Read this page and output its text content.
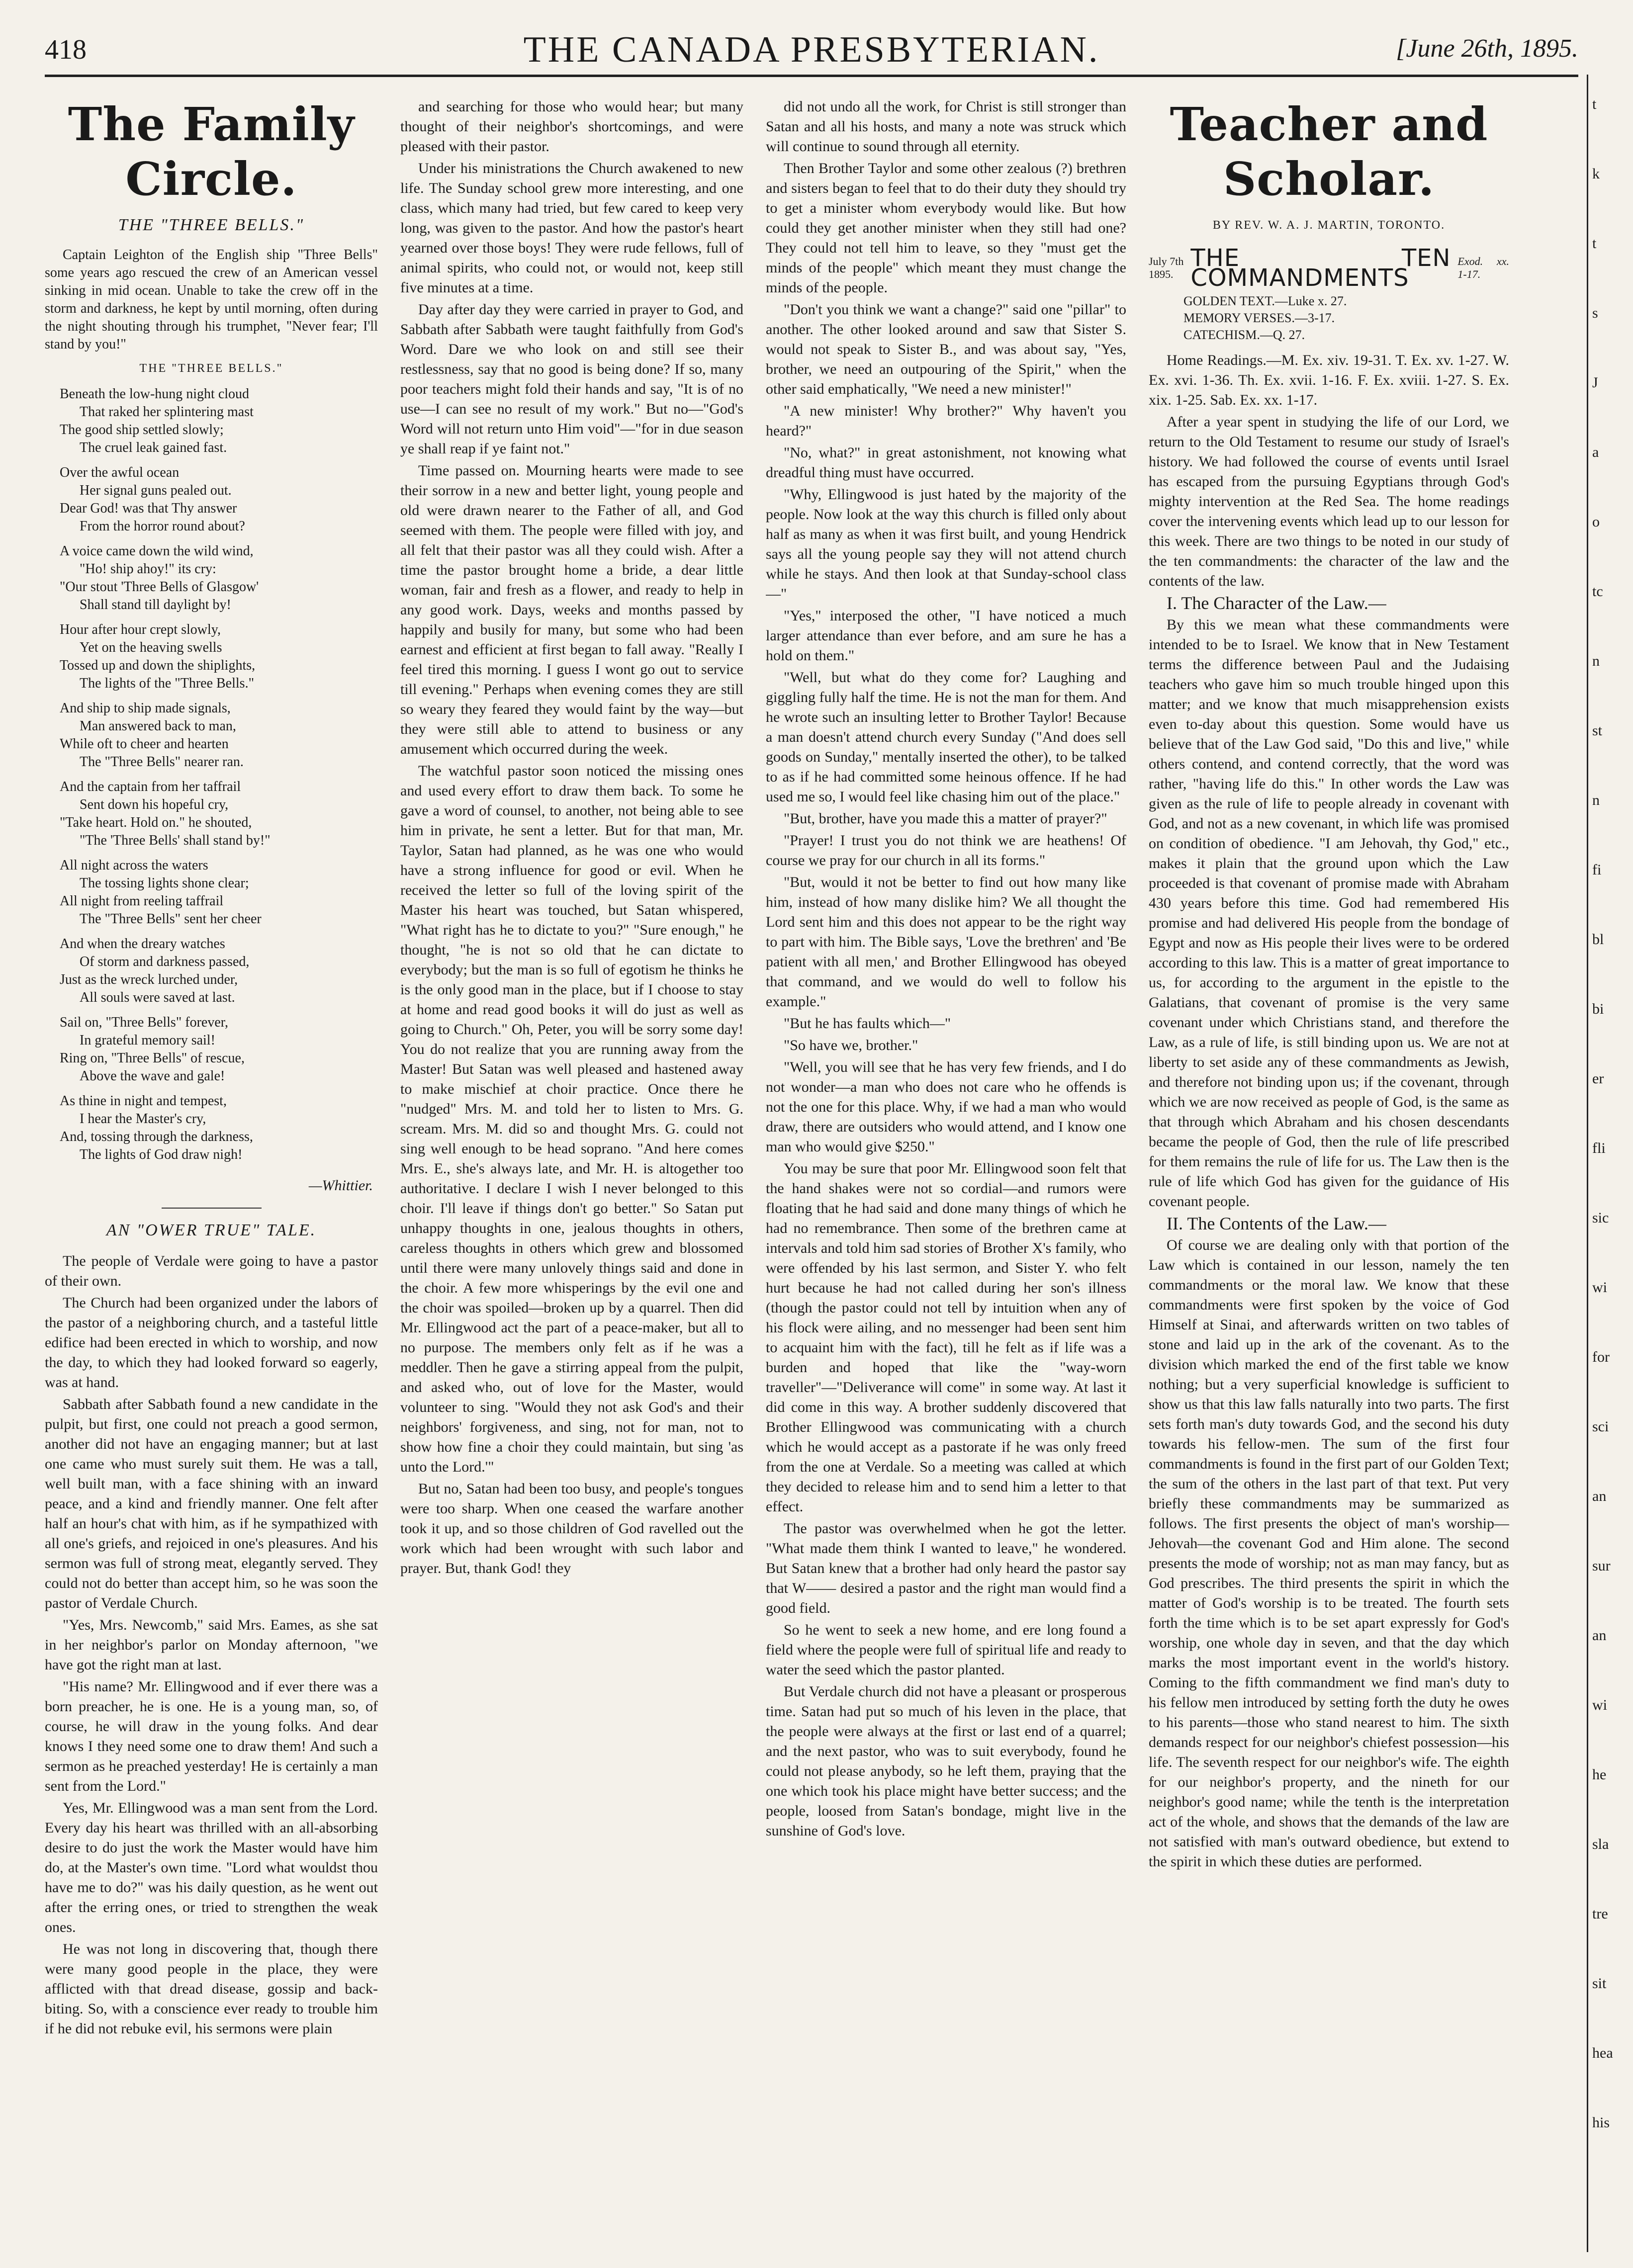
418	THE CANADA PRESBYTERIAN.	[June 26th, 1895.
The Family Circle.
THE "THREE BELLS."

Captain Leighton of the English ship "Three Bells" some years ago rescued the crew of an American vessel sinking in mid ocean. Unable to take the crew off in the storm and darkness, he kept by until morning, often during the night shouting through his trumphet, "Never fear; I'll stand by you!"

THE "THREE BELLS."
Beneath the low-hung night cloud
That raked her splintering mast
The good ship settled slowly;
The cruel leak gained fast.
Over the awful ocean
Her signal guns pealed out.
Dear God! was that Thy answer
From the horror round about?
A voice came down the wild wind,
"Ho! ship ahoy!" its cry:
"Our stout 'Three Bells of Glasgow'
Shall stand till daylight by!
Hour after hour crept slowly,
Yet on the heaving swells
Tossed up and down the shiplights,
The lights of the "Three Bells."
And ship to ship made signals,
Man answered back to man,
While oft to cheer and hearten
The "Three Bells" nearer ran.
And the captain from her taffrail
Sent down his hopeful cry,
"Take heart. Hold on." he shouted,
"The 'Three Bells' shall stand by!"
All night across the waters
The tossing lights shone clear;
All night from reeling taffrail
The "Three Bells" sent her cheer
And when the dreary watches
Of storm and darkness passed,
Just as the wreck lurched under,
All souls were saved at last.
Sail on, "Three Bells" forever,
In grateful memory sail!
Ring on, "Three Bells" of rescue,
Above the wave and gale!
As thine in night and tempest,
I hear the Master's cry,
And, tossing through the darkness,
The lights of God draw nigh!
—Whittier.
AN "OWER TRUE" TALE.

The people of Verdale were going to have a pastor of their own.

The Church had been organized under the labors of the pastor of a neighboring church, and a tasteful little edifice had been erected in which to worship, and now the day, to which they had looked forward so eagerly, was at hand.

Sabbath after Sabbath found a new candidate in the pulpit, but first, one could not preach a good sermon, another did not have an engaging manner; but at last one came who must surely suit them. He was a tall, well built man, with a face shining with an inward peace, and a kind and friendly manner. One felt after half an hour's chat with him, as if he sympathized with all one's griefs, and rejoiced in one's pleasures. And his sermon was full of strong meat, elegantly served. They could not do better than accept him, so he was soon the pastor of Verdale Church.

"Yes, Mrs. Newcomb," said Mrs. Eames, as she sat in her neighbor's parlor on Monday afternoon, "we have got the right man at last.

"His name? Mr. Ellingwood and if ever there was a born preacher, he is one. He is a young man, so, of course, he will draw in the young folks. And dear knows I they need some one to draw them! And such a sermon as he preached yesterday! He is certainly a man sent from the Lord."

Yes, Mr. Ellingwood was a man sent from the Lord. Every day his heart was thrilled with an all-absorbing desire to do just the work the Master would have him do, at the Master's own time. "Lord what wouldst thou have me to do?" was his daily question, as he went out after the erring ones, or tried to strengthen the weak ones.

He was not long in discovering that, though there were many good people in the place, they were afflicted with that dread disease, gossip and back-biting. So, with a conscience ever ready to trouble him if he did not rebuke evil, his sermons were plain

and searching for those who would hear; but many thought of their neighbor's shortcomings, and were pleased with their pastor.

Under his ministrations the Church awakened to new life. The Sunday school grew more interesting, and one class, which many had tried, but few cared to keep very long, was given to the pastor. And how the pastor's heart yearned over those boys! They were rude fellows, full of animal spirits, who could not, or would not, keep still five minutes at a time.

Day after day they were carried in prayer to God, and Sabbath after Sabbath were taught faithfully from God's Word. Dare we who look on and still see their restlessness, say that no good is being done? If so, many poor teachers might fold their hands and say, "It is of no use—I can see no result of my work." But no—"God's Word will not return unto Him void"—"for in due season ye shall reap if ye faint not."

Time passed on. Mourning hearts were made to see their sorrow in a new and better light, young people and old were drawn nearer to the Father of all, and God seemed with them. The people were filled with joy, and all felt that their pastor was all they could wish. After a time the pastor brought home a bride, a dear little woman, fair and fresh as a flower, and ready to help in any good work. Days, weeks and months passed by happily and busily for many, but some who had been earnest and efficient at first began to fall away. "Really I feel tired this morning. I guess I wont go out to service till evening." Perhaps when evening comes they are still so weary they feared they would faint by the way—but they were still able to attend to business or any amusement which occurred during the week.

The watchful pastor soon noticed the missing ones and used every effort to draw them back. To some he gave a word of counsel, to another, not being able to see him in private, he sent a letter. But for that man, Mr. Taylor, Satan had planned, as he was one who would have a strong influence for good or evil. When he received the letter so full of the loving spirit of the Master his heart was touched, but Satan whispered, "What right has he to dictate to you?" "Sure enough," he thought, "he is not so old that he can dictate to everybody; but the man is so full of egotism he thinks he is the only good man in the place, but if I choose to stay at home and read good books it will do just as well as going to Church." Oh, Peter, you will be sorry some day! You do not realize that you are running away from the Master! But Satan was well pleased and hastened away to make mischief at choir practice. Once there he "nudged" Mrs. M. and told her to listen to Mrs. G. scream. Mrs. M. did so and thought Mrs. G. could not sing well enough to be head soprano. "And here comes Mrs. E., she's always late, and Mr. H. is altogether too authoritative. I declare I wish I never belonged to this choir. I'll leave if things don't go better." So Satan put unhappy thoughts in one, jealous thoughts in others, careless thoughts in others which grew and blossomed until there were many unlovely things said and done in the choir. A few more whisperings by the evil one and the choir was spoiled—broken up by a quarrel. Then did Mr. Ellingwood act the part of a peace-maker, but all to no purpose. The members only felt as if he was a meddler. Then he gave a stirring appeal from the pulpit, and asked who, out of love for the Master, would volunteer to sing. "Would they not ask God's and their neighbors' forgiveness, and sing, not for man, not to show how fine a choir they could maintain, but sing 'as unto the Lord.'"

But no, Satan had been too busy, and people's tongues were too sharp. When one ceased the warfare another took it up, and so those children of God ravelled out the work which had been wrought with such labor and prayer. But, thank God! they

did not undo all the work, for Christ is still stronger than Satan and all his hosts, and many a note was struck which will continue to sound through all eternity.

Then Brother Taylor and some other zealous (?) brethren and sisters began to feel that to do their duty they should try to get a minister whom everybody would like. But how could they get another minister when they still had one? They could not tell him to leave, so they "must get the minds of the people" which meant they must change the minds of the people.

"Don't you think we want a change?" said one "pillar" to another. The other looked around and saw that Sister S. would not speak to Sister B., and was about say, "Yes, brother, we need an outpouring of the Spirit," when the other said emphatically, "We need a new minister!"

"A new minister! Why brother?" Why haven't you heard?"

"No, what?" in great astonishment, not knowing what dreadful thing must have occurred.

"Why, Ellingwood is just hated by the majority of the people. Now look at the way this church is filled only about half as many as when it was first built, and young Hendrick says all the young people say they will not attend church while he stays. And then look at that Sunday-school class—"

"Yes," interposed the other, "I have noticed a much larger attendance than ever before, and am sure he has a hold on them."

"Well, but what do they come for? Laughing and giggling fully half the time. He is not the man for them. And he wrote such an insulting letter to Brother Taylor! Because a man doesn't attend church every Sunday ("And does sell goods on Sunday," mentally inserted the other), to be talked to as if he had committed some heinous offence. If he had used me so, I would feel like chasing him out of the place."

"But, brother, have you made this a matter of prayer?"

"Prayer! I trust you do not think we are heathens! Of course we pray for our church in all its forms."

"But, would it not be better to find out how many like him, instead of how many dislike him? We all thought the Lord sent him and this does not appear to be the right way to part with him. The Bible says, 'Love the brethren' and 'Be patient with all men,' and Brother Ellingwood has obeyed that command, and we would do well to follow his example."

"But he has faults which—"

"So have we, brother."

"Well, you will see that he has very few friends, and I do not wonder—a man who does not care who he offends is not the one for this place. Why, if we had a man who would draw, there are outsiders who would attend, and I know one man who would give $250."

You may be sure that poor Mr. Ellingwood soon felt that the hand shakes were not so cordial—and rumors were floating that he had said and done many things of which he had no remembrance. Then some of the brethren came at intervals and told him sad stories of Brother X's family, who were offended by his last sermon, and Sister Y. who felt hurt because he had not called during her son's illness (though the pastor could not tell by intuition when any of his flock were ailing, and no messenger had been sent him to acquaint him with the fact), till he felt as if life was a burden and hoped that like the "way-worn traveller"—"Deliverance will come" in some way. At last it did come in this way. A brother suddenly discovered that Brother Ellingwood was communicating with a church which he would accept as a pastorate if he was only freed from the one at Verdale. So a meeting was called at which they decided to release him and to send him a letter to that effect.

The pastor was overwhelmed when he got the letter. "What made them think I wanted to leave," he wondered. But Satan knew that a brother had only heard the pastor say that W—— desired a pastor and the right man would find a good field.

So he went to seek a new home, and ere long found a field where the people were full of spiritual life and ready to water the seed which the pastor planted.

But Verdale church did not have a pleasant or prosperous time. Satan had put so much of his leven in the place, that the people were always at the first or last end of a quarrel; and the next pastor, who was to suit everybody, found he could not please anybody, so he left them, praying that the one which took his place might have better success; and the people, loosed from Satan's bondage, might live in the sunshine of God's love.

Teacher and Scholar.
BY REV. W. A. J. MARTIN, TORONTO.
July 7th 1895.
THE TEN COMMANDMENTS
Exod. xx. 1-17.
GOLDEN TEXT.—Luke x. 27.
MEMORY VERSES.—3-17.
CATECHISM.—Q. 27.

Home Readings.—M. Ex. xiv. 19-31. T. Ex. xv. 1-27. W. Ex. xvi. 1-36. Th. Ex. xvii. 1-16. F. Ex. xviii. 1-27. S. Ex. xix. 1-25. Sab. Ex. xx. 1-17.

After a year spent in studying the life of our Lord, we return to the Old Testament to resume our study of Israel's history. We had followed the course of events until Israel has escaped from the pursuing Egyptians through God's mighty intervention at the Red Sea. The home readings cover the intervening events which lead up to our lesson for this week. There are two things to be noted in our study of the ten commandments: the character of the law and the contents of the law.

I. The Character of the Law.—

By this we mean what these commandments were intended to be to Israel. We know that in New Testament terms the difference between Paul and the Judaising teachers who gave him so much trouble hinged upon this matter; and we know that much misapprehension exists even to-day about this question. Some would have us believe that of the Law God said, "Do this and live," while others contend, and contend correctly, that the word was rather, "having life do this." In other words the Law was given as the rule of life to people already in covenant with God, and not as a new covenant, in which life was promised on condition of obedience. "I am Jehovah, thy God," etc., makes it plain that the ground upon which the Law proceeded is that covenant of promise made with Abraham 430 years before this time. God had remembered His promise and had delivered His people from the bondage of Egypt and now as His people their lives were to be ordered according to this law. This is a matter of great importance to us, for according to the argument in the epistle to the Galatians, that covenant of promise is the very same covenant under which Christians stand, and therefore the Law, as a rule of life, is still binding upon us. We are not at liberty to set aside any of these commandments as Jewish, and therefore not binding upon us; if the covenant, through which we are now received as people of God, is the same as that through which Abraham and his chosen descendants became the people of God, then the rule of life prescribed for them remains the rule of life for us. The Law then is the rule of life which God has given for the guidance of His covenant people.

II. The Contents of the Law.—

Of course we are dealing only with that portion of the Law which is contained in our lesson, namely the ten commandments or the moral law. We know that these commandments were first spoken by the voice of God Himself at Sinai, and afterwards written on two tables of stone and laid up in the ark of the covenant. As to the division which marked the end of the first table we know nothing; but a very superficial knowledge is sufficient to show us that this law falls naturally into two parts. The first sets forth man's duty towards God, and the second his duty towards his fellow-men. The sum of the first four commandments is found in the first part of our Golden Text; the sum of the others in the last part of that text. Put very briefly these commandments may be summarized as follows. The first presents the object of man's worship—Jehovah—the covenant God and Him alone. The second presents the mode of worship; not as man may fancy, but as God prescribes. The third presents the spirit in which the matter of God's worship is to be treated. The fourth sets forth the time which is to be set apart expressly for God's worship, one whole day in seven, and that the day which marks the most important event in the world's history. Coming to the fifth commandment we find man's duty to his fellow men introduced by setting forth the duty he owes to his parents—those who stand nearest to him. The sixth demands respect for our neighbor's chiefest possession—his life. The seventh respect for our neighbor's wife. The eighth for our neighbor's property, and the nineth for our neighbor's good name; while the tenth is the interpretation act of the whole, and shows that the demands of the law are not satisfied with man's outward obedience, but extend to the spirit in which these duties are performed.

t
k
t
s
J
a
o
tc
n
st
n
fi
bl
bi
er
fli
sic
wi
for
sci
an
sur
an
wi
he
sla
tre
sit
hea
his
